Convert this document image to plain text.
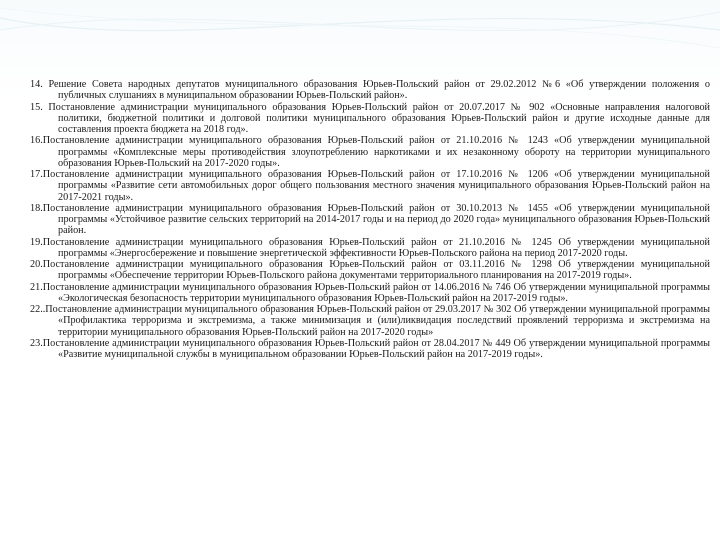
14. Решение Совета народных депутатов муниципального образования Юрьев-Польский район от 29.02.2012 №6 «Об утверждении положения о публичных слушаниях в муниципальном образовании Юрьев-Польский район».

15. Постановление администрации муниципального образования Юрьев-Польский район от 20.07.2017 № 902 «Основные направления налоговой политики, бюджетной политики и долговой политики муниципального образования Юрьев-Польский район и другие исходные данные для составления проекта бюджета на 2018 год».

16.Постановление администрации муниципального образования Юрьев-Польский район от 21.10.2016 № 1243 «Об утверждении муниципальной программы «Комплексные меры противодействия злоупотреблению наркотиками и их незаконному обороту на территории муниципального образования Юрьев-Польский на 2017-2020 годы».

17.Постановление администрации муниципального образования Юрьев-Польский район от 17.10.2016 № 1206 «Об утверждении муниципальной программы «Развитие сети автомобильных дорог общего пользования местного значения муниципального образования Юрьев-Польский район на 2017-2021 годы».

18.Постановление администрации муниципального образования Юрьев-Польский район от 30.10.2013 № 1455 «Об утверждении муниципальной программы «Устойчивое развитие сельских территорий на 2014-2017 годы и на период до 2020 года» муниципального образования Юрьев-Польский район.

19.Постановление администрации муниципального образования Юрьев-Польский район от 21.10.2016 № 1245 Об утверждении муниципальной программы «Энергосбережение и повышение энергетической эффективности Юрьев-Польского района на период 2017-2020 годы.

20.Постановление администрации муниципального образования Юрьев-Польский район от 03.11.2016 № 1298 Об утверждении муниципальной программы «Обеспечение территории Юрьев-Польского района документами территориального планирования на 2017-2019 годы».

21.Постановление администрации муниципального образования Юрьев-Польский район от 14.06.2016 № 746 Об утверждении муниципальной программы «Экологическая безопасность территории муниципального образования Юрьев-Польский район на 2017-2019 годы».

22..Постановление администрации муниципального образования Юрьев-Польский район от 29.03.2017 № 302 Об утверждении муниципальной программы «Профилактика терроризма и экстремизма, а также минимизация и (или)ликвидация последствий проявлений терроризма и экстремизма на территории муниципального образования Юрьев-Польский район на 2017-2020 годы»

23.Постановление администрации муниципального образования Юрьев-Польский район от 28.04.2017 № 449 Об утверждении муниципальной программы «Развитие муниципальной службы в муниципальном образовании Юрьев-Польский район на 2017-2019 годы».
